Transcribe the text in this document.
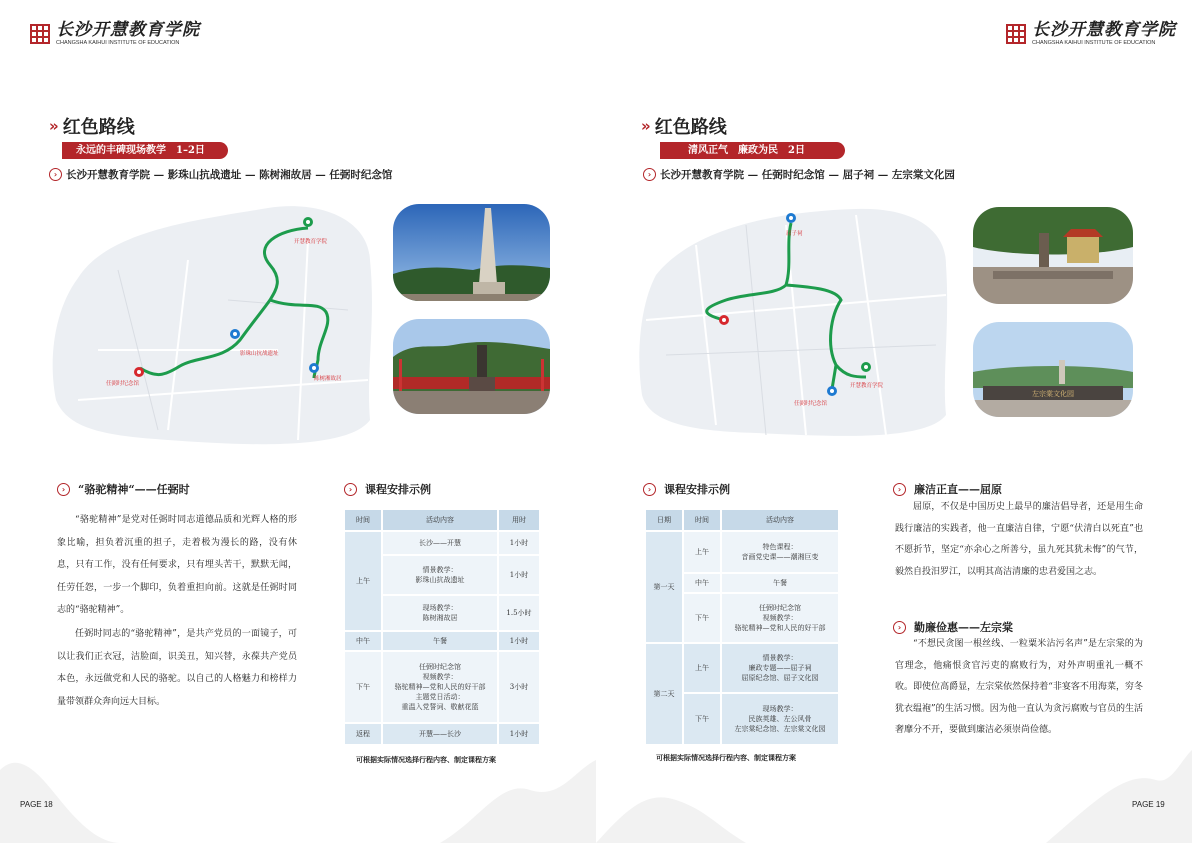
长沙开慧教育学院
CHANGSHA KAIHUI INSTITUTE OF EDUCATION
» 红色路线
永远的丰碑现场教学　1–2日
› 长沙开慧教育学院 — 影珠山抗战遗址 — 陈树湘故居 — 任弼时纪念馆
开慧教育学院
影珠山抗战遗址
陈树湘故居
任弼时纪念馆
›	“骆驼精神“——任弼时

“骆驼精神”是党对任弼时同志道德品质和光辉人格的形象比喻，担负着沉重的担子，走着极为漫长的路，没有休息，只有工作，没有任何要求，只有埋头苦干，默默无闻，任劳任怨，一步一个脚印，负着重担向前。这就是任弼时同志的“骆驼精神”。

任弼时同志的“骆驼精神”，是共产党员的一面镜子，可以让我们正衣冠，洁脸面，识美丑，知兴替，永葆共产党员本色，永远做党和人民的骆驼。以自己的人格魅力和榜样力量带领群众奔向远大目标。

›	课程安排示例
时间	活动内容	用时
上午	长沙——开慧	1小时
	情景教学：
影珠山抗战遗址	1小时
	现场教学：
陈树湘故居	1.5小时
中午	午餐	1小时
下午	任弼时纪念馆
视频教学：
骆驼精神—党和人民的好干部
主题党日活动：
重温入党誓词、敬献花篮	3小时
返程	开慧——长沙	1小时
可根据实际情况选择行程内容、制定课程方案
PAGE 18
长沙开慧教育学院
CHANGSHA KAIHUI INSTITUTE OF EDUCATION
» 红色路线
清风正气　廉政为民　2日
› 长沙开慧教育学院 — 任弼时纪念馆 — 屈子祠 — 左宗棠文化园
屈子祠
开慧教育学院
任弼时纪念馆
左宗棠文化园
›	课程安排示例
日期	时间	活动内容
第一天	上午	特色课程：
音画党史课——潮湘巨变
	中午	午餐
	下午	任弼时纪念馆
视频教学：
骆驼精神—党和人民的好干部
第二天	上午	情景教学：
廉政专题——屈子祠
屈原纪念馆、屈子文化园
	下午	现场教学：
民族英雄、左公风骨
左宗棠纪念馆、左宗棠文化园
可根据实际情况选择行程内容、制定课程方案
›	廉洁正直——屈原

屈原，不仅是中国历史上最早的廉洁倡导者，还是用生命践行廉洁的实践者，他一直廉洁自律，宁愿“伏清白以死直”也不愿折节，坚定“亦余心之所善兮，虽九死其犹未悔”的气节，毅然自投汨罗江，以明其高洁清廉的忠君爱国之志。

›	勤廉俭惠——左宗棠

“不想民贪图一根丝线、一粒粟米沾污名声”是左宗棠的为官理念，他痛恨贪官污吏的腐败行为，对外声明重礼一概不收。即使位高爵显，左宗棠依然保持着“非宴客不用海菜，穷冬犹衣缊袍”的生活习惯。因为他一直认为贪污腐败与官员的生活奢靡分不开，要做到廉洁必须崇尚俭德。

PAGE 19
